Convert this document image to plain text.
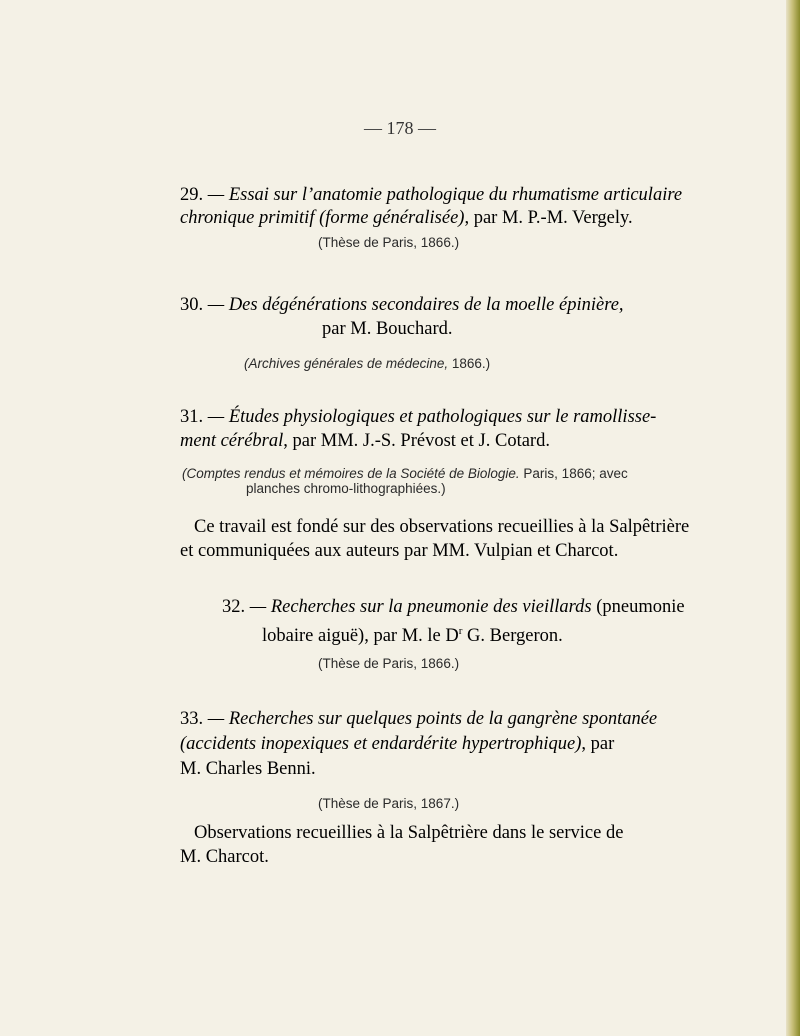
— 178 —
29. — Essai sur l’anatomie pathologique du rhumatisme articulaire
chronique primitif (forme généralisée), par M. P.-M. Vergely.
(Thèse de Paris, 1866.)
30. — Des dégénérations secondaires de la moelle épinière,
par M. Bouchard.
(Archives générales de médecine, 1866.)
31. — Études physiologiques et pathologiques sur le ramollisse-
ment cérébral, par MM. J.-S. Prévost et J. Cotard.
(Comptes rendus et mémoires de la Société de Biologie. Paris, 1866; avec
planches chromo-lithographiées.)
Ce travail est fondé sur des observations recueillies à la Salpêtrière
et communiquées aux auteurs par MM. Vulpian et Charcot.
32. — Recherches sur la pneumonie des vieillards (pneumonie
lobaire aiguë), par M. le $D^r$ G. Bergeron.
(Thèse de Paris, 1866.)
33. — Recherches sur quelques points de la gangrène spontanée
(accidents inopexiques et endardérite hypertrophique), par
M. Charles Benni.
(Thèse de Paris, 1867.)
Observations recueillies à la Salpêtrière dans le service de
M. Charcot.
